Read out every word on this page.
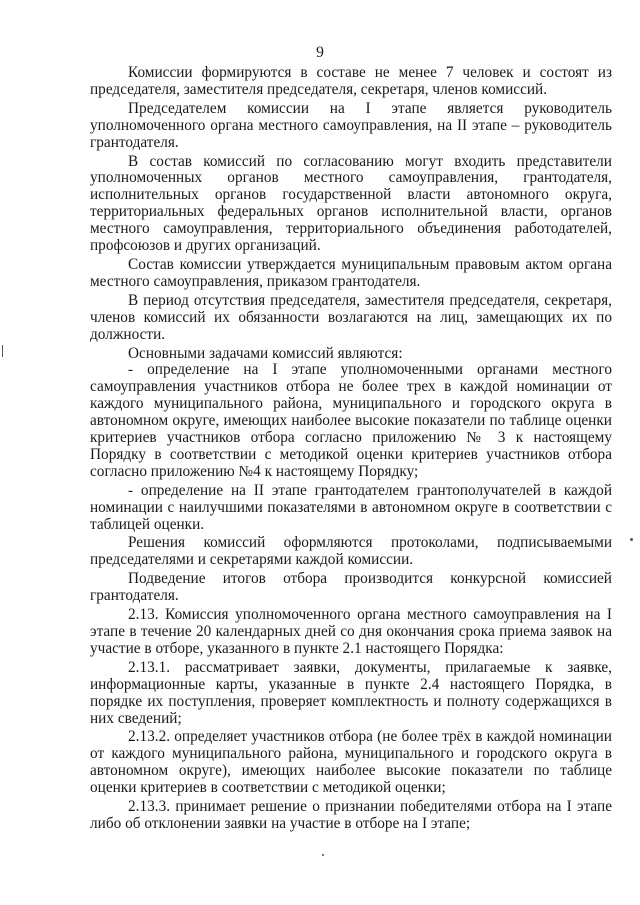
9

Комиссии формируются в составе не менее 7 человек и состоят из председателя, заместителя председателя, секретаря, членов комиссий.

Председателем комиссии на I этапе является руководитель уполномоченного органа местного самоуправления, на II этапе – руководитель грантодателя.

В состав комиссий по согласованию могут входить представители уполномоченных органов местного самоуправления, грантодателя, исполнительных органов государственной власти автономного округа, территориальных федеральных органов исполнительной власти, органов местного самоуправления, территориального объединения работодателей, профсоюзов и других организаций.

Состав комиссии утверждается муниципальным правовым актом органа местного самоуправления, приказом грантодателя.

В период отсутствия председателя, заместителя председателя, секретаря, членов комиссий их обязанности возлагаются на лиц, замещающих их по должности.

Основными задачами комиссий являются:

- определение на I этапе уполномоченными органами местного самоуправления участников отбора не более трех в каждой номинации от каждого муниципального района, муниципального и городского округа в автономном округе, имеющих наиболее высокие показатели по таблице оценки критериев участников отбора согласно приложению № 3 к настоящему Порядку в соответствии с методикой оценки критериев участников отбора согласно приложению №4 к настоящему Порядку;

- определение на II этапе грантодателем грантополучателей в каждой номинации с наилучшими показателями в автономном округе в соответствии с таблицей оценки.

Решения комиссий оформляются протоколами, подписываемыми председателями и секретарями каждой комиссии.

Подведение итогов отбора производится конкурсной комиссией грантодателя.

2.13. Комиссия уполномоченного органа местного самоуправления на I этапе в течение 20 календарных дней со дня окончания срока приема заявок на участие в отборе, указанного в пункте 2.1 настоящего Порядка:

2.13.1. рассматривает заявки, документы, прилагаемые к заявке, информационные карты, указанные в пункте 2.4 настоящего Порядка, в порядке их поступления, проверяет комплектность и полноту содержащихся в них сведений;

2.13.2. определяет участников отбора (не более трёх в каждой номинации от каждого муниципального района, муниципального и городского округа в автономном округе), имеющих наиболее высокие показатели по таблице оценки критериев в соответствии с методикой оценки;

2.13.3. принимает решение о признании победителями отбора на I этапе либо об отклонении заявки на участие в отборе на I этапе;
